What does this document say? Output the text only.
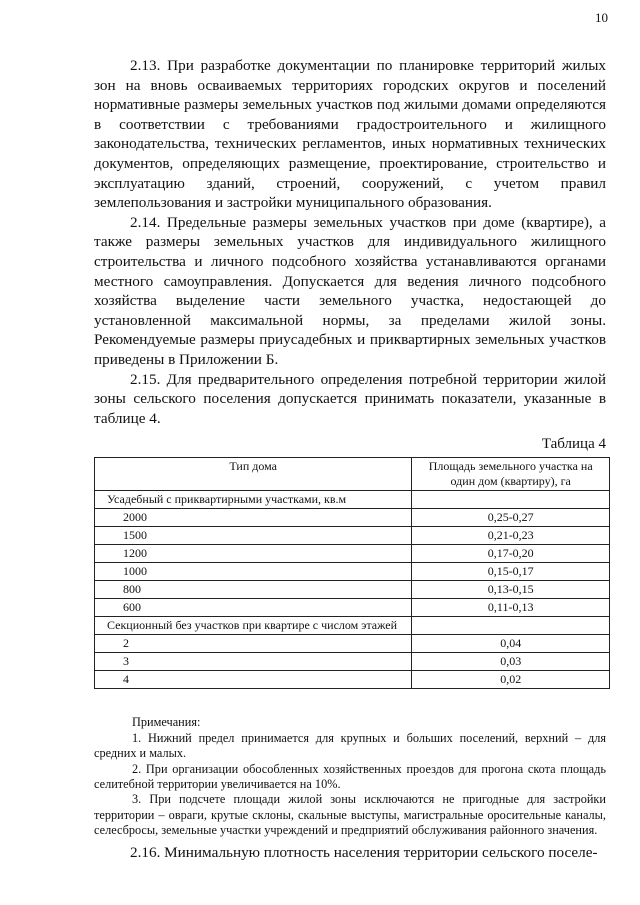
10

2.13. При разработке документации по планировке территорий жилых зон на вновь осваиваемых территориях городских округов и поселений нормативные размеры земельных участков под жилыми домами определяются в соответствии с требованиями градостроительного и жилищного законодательства, технических регламентов, иных нормативных технических документов, определяющих размещение, проектирование, строительство и эксплуатацию зданий, строений, сооружений, с учетом правил землепользования и застройки муниципального образования.

2.14. Предельные размеры земельных участков при доме (квартире), а также размеры земельных участков для индивидуального жилищного строительства и личного подсобного хозяйства устанавливаются органами местного самоуправления. Допускается для ведения личного подсобного хозяйства выделение части земельного участка, недостающей до установленной максимальной нормы, за пределами жилой зоны. Рекомендуемые размеры приусадебных и приквартирных земельных участков приведены в Приложении Б.

2.15. Для предварительного определения потребной территории жилой зоны сельского поселения допускается принимать показатели, указанные в таблице 4.

Таблица 4
Тип дома	Площадь земельного участка на один дом (квартиру), га
Усадебный с приквартирными участками, кв.м	
2000	0,25-0,27
1500	0,21-0,23
1200	0,17-0,20
1000	0,15-0,17
800	0,13-0,15
600	0,11-0,13
Секционный без участков при квартире с числом этажей	
2	0,04
3	0,03
4	0,02

Примечания:

1. Нижний предел принимается для крупных и больших поселений, верхний – для средних и малых.

2. При организации обособленных хозяйственных проездов для прогона скота площадь селитебной территории увеличивается на 10%.

3. При подсчете площади жилой зоны исключаются не пригодные для застройки территории – овраги, крутые склоны, скальные выступы, магистральные оросительные каналы, селесбросы, земельные участки учреждений и предприятий обслуживания районного значения.

2.16. Минимальную плотность населения территории сельского поселе-
